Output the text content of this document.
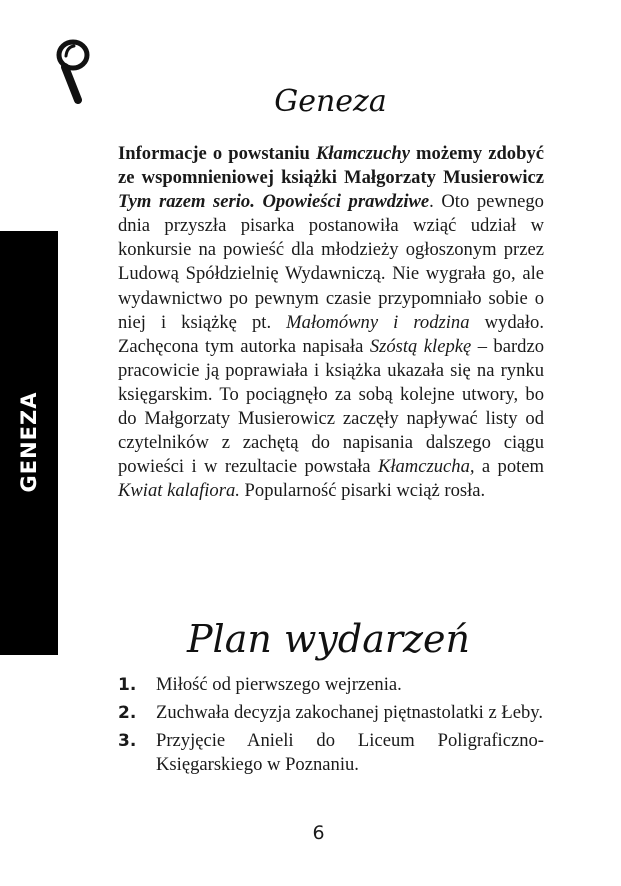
GENEZA
Geneza
Informacje o powstaniu Kłamczuchy możemy zdobyć ze wspomnieniowej książki Małgorzaty Musierowicz Tym razem serio. Opowieści prawdziwe. Oto pewnego dnia przyszła pisarka postanowiła wziąć udział w konkursie na powieść dla młodzieży ogłoszonym przez Ludową Spółdzielnię Wydawniczą. Nie wygrała go, ale wydawnictwo po pewnym czasie przypomniało sobie o niej i książkę pt. Małomówny i rodzina wydało. Zachęcona tym autorka napisała Szóstą klepkę – bardzo pracowicie ją poprawiała i książka ukazała się na rynku księgarskim. To pociągnęło za sobą kolejne utwory, bo do Małgorzaty Musierowicz zaczęły napływać listy od czytelników z zachętą do napisania dalszego ciągu powieści i w rezultacie powstała Kłamczucha, a potem Kwiat kalafiora. Popularność pisarki wciąż rosła.
Plan wydarzeń
1.	Miłość od pierwszego wejrzenia.
2.	Zuchwała decyzja zakochanej piętnastolatki z Łeby.
3.	Przyjęcie Anieli do Liceum Poligraficzno-Księgarskiego w Poznaniu.
6
